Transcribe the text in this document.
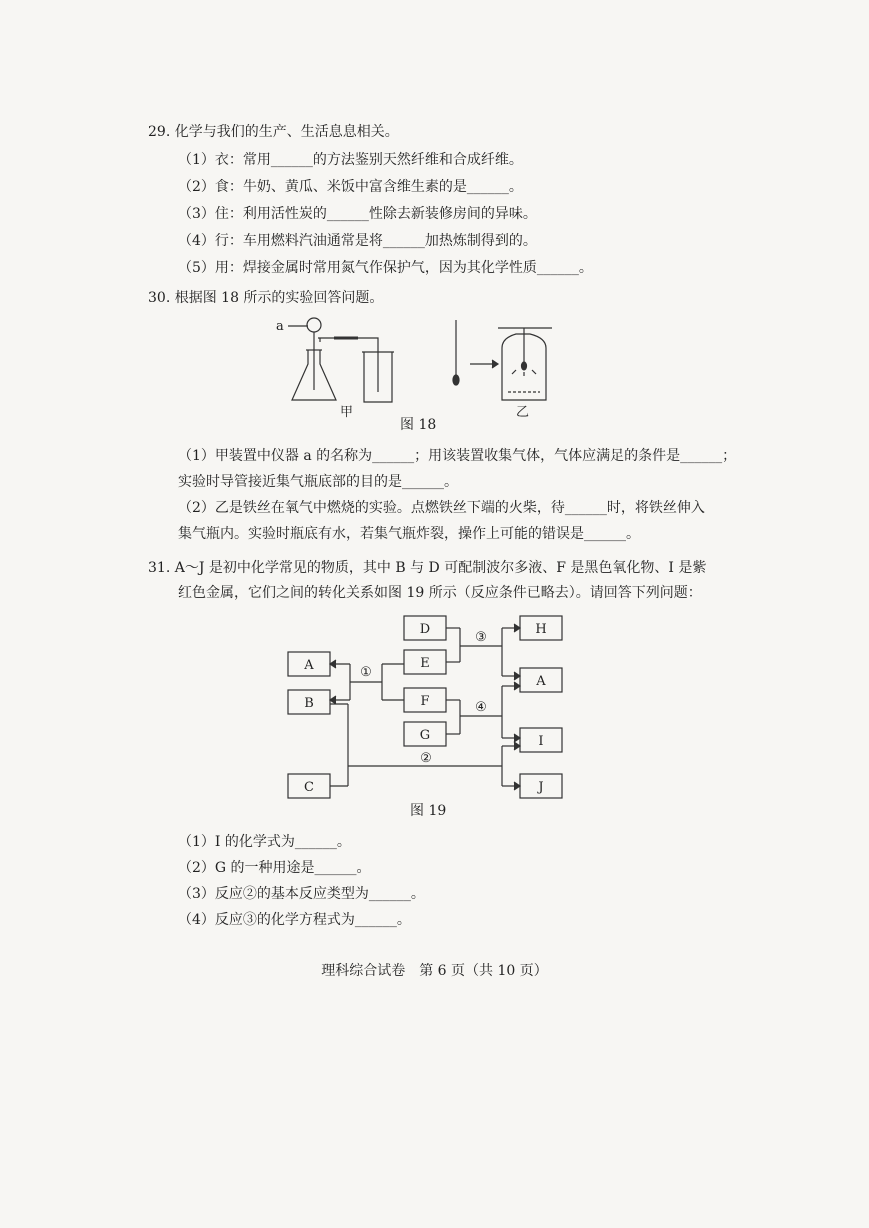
29. 化学与我们的生产、生活息息相关。
（1）衣：常用______的方法鉴别天然纤维和合成纤维。
（2）食：牛奶、黄瓜、米饭中富含维生素的是______。
（3）住：利用活性炭的______性除去新装修房间的异味。
（4）行：车用燃料汽油通常是将______加热炼制得到的。
（5）用：焊接金属时常用氮气作保护气，因为其化学性质______。
30. 根据图 18 所示的实验回答问题。
a
甲	乙
图 18
（1）甲装置中仪器 a 的名称为______；用该装置收集气体，气体应满足的条件是______；
实验时导管接近集气瓶底部的目的是______。
（2）乙是铁丝在氧气中燃烧的实验。点燃铁丝下端的火柴，待______时，将铁丝伸入
集气瓶内。实验时瓶底有水，若集气瓶炸裂，操作上可能的错误是______。
31. A～J 是初中化学常见的物质，其中 B 与 D 可配制波尔多液、F 是黑色氧化物、I 是紫
红色金属，它们之间的转化关系如图 19 所示（反应条件已略去）。请回答下列问题：
A
B
C
D
E
F
G
H
A
I
J
①
②
③
④
图 19
（1）I 的化学式为______。
（2）G 的一种用途是______。
（3）反应②的基本反应类型为______。
（4）反应③的化学方程式为______。
理科综合试卷　第 6 页（共 10 页）
